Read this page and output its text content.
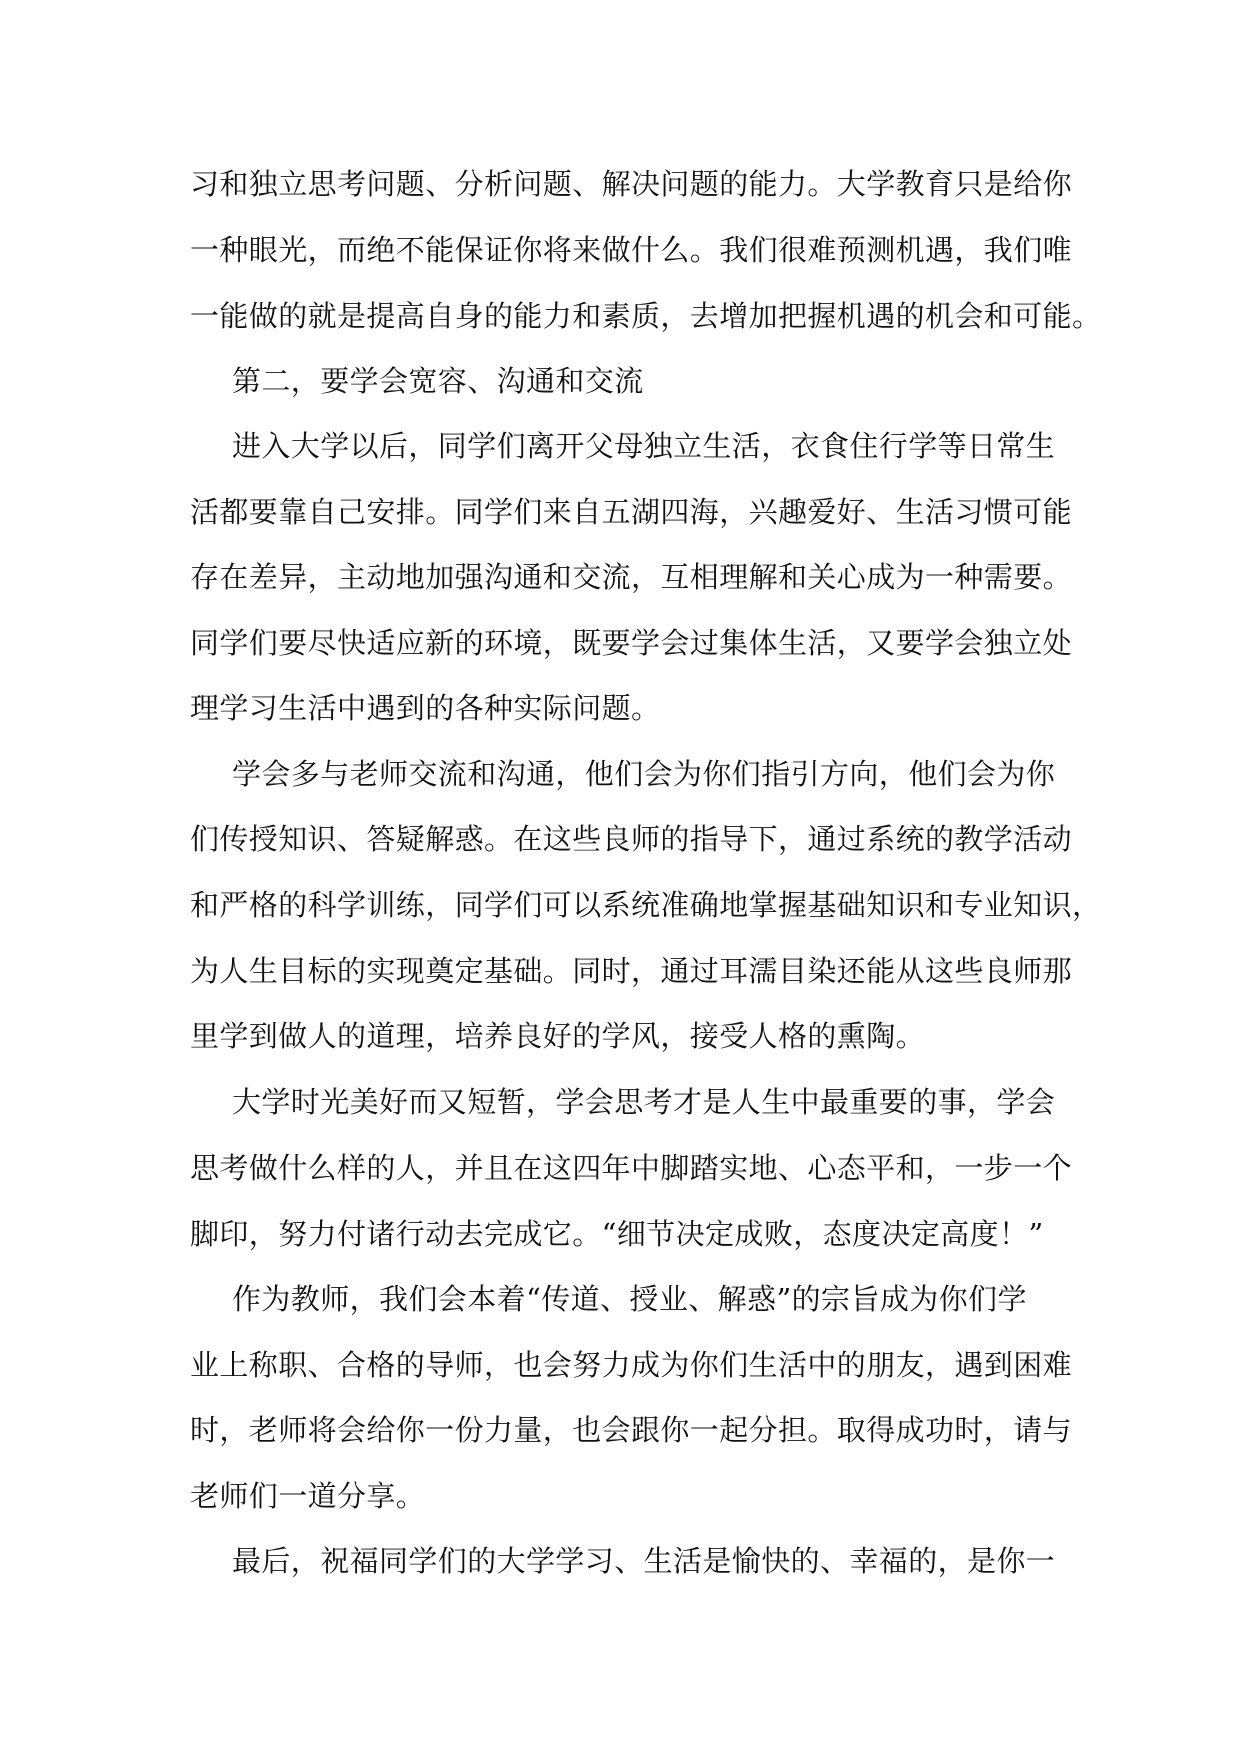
习和独立思考问题、分析问题、解决问题的能力。大学教育只是给你

一种眼光，而绝不能保证你将来做什么。我们很难预测机遇，我们唯

一能做的就是提高自身的能力和素质，去增加把握机遇的机会和可能。

第二，要学会宽容、沟通和交流

进入大学以后，同学们离开父母独立生活，衣食住行学等日常生

活都要靠自己安排。同学们来自五湖四海，兴趣爱好、生活习惯可能

存在差异，主动地加强沟通和交流，互相理解和关心成为一种需要。

同学们要尽快适应新的环境，既要学会过集体生活，又要学会独立处

理学习生活中遇到的各种实际问题。

学会多与老师交流和沟通，他们会为你们指引方向，他们会为你

们传授知识、答疑解惑。在这些良师的指导下，通过系统的教学活动

和严格的科学训练，同学们可以系统准确地掌握基础知识和专业知识，

为人生目标的实现奠定基础。同时，通过耳濡目染还能从这些良师那

里学到做人的道理，培养良好的学风，接受人格的熏陶。

大学时光美好而又短暂，学会思考才是人生中最重要的事，学会

思考做什么样的人，并且在这四年中脚踏实地、心态平和，一步一个

脚印，努力付诸行动去完成它。“细节决定成败，态度决定高度！”

作为教师，我们会本着“传道、授业、解惑”的宗旨成为你们学

业上称职、合格的导师，也会努力成为你们生活中的朋友，遇到困难

时，老师将会给你一份力量，也会跟你一起分担。取得成功时，请与

老师们一道分享。

最后，祝福同学们的大学学习、生活是愉快的、幸福的，是你一
